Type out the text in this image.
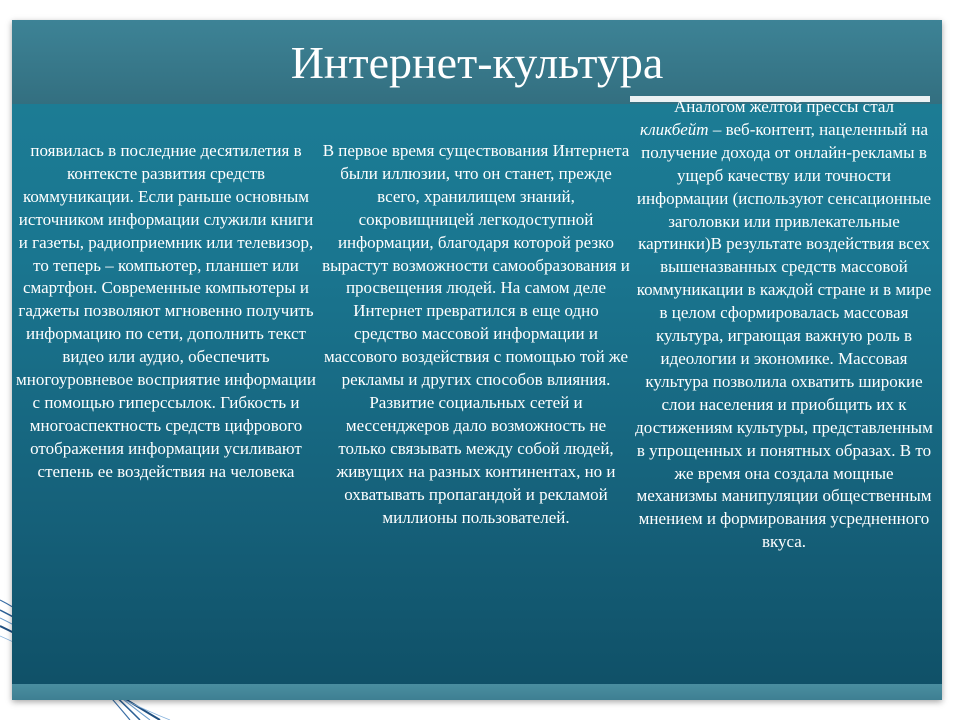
Интернет-культура
появилась в последние десятилетия в контексте развития средств коммуникации. Если раньше основным источником информации служили книги и газеты, радиоприемник или телевизор, то теперь – компьютер, планшет или смартфон. Современные компьютеры и гаджеты позволяют мгновенно получить информацию по сети, дополнить текст видео или аудио, обеспечить многоуровневое восприятие информации с помощью гиперссылок. Гибкость и многоаспектность средств цифрового отображения информации усиливают степень ее воздействия на человека
В первое время существования Интернета были иллюзии, что он станет, прежде всего, хранилищем знаний, сокровищницей легкодоступной информации, благодаря которой резко вырастут возможности самообразования и просвещения людей. На самом деле Интернет превратился в еще одно средство массовой информации и массового воздействия с помощью той же рекламы и других способов влияния. Развитие социальных сетей и мессенджеров дало возможность не только связывать между собой людей, живущих на разных континентах, но и охватывать пропагандой и рекламой миллионы пользователей.
Аналогом желтой прессы стал
кликбейт – веб-контент, нацеленный на получение дохода от онлайн-рекламы в ущерб качеству или точности информации (используют сенсационные заголовки или привлекательные картинки)В результате воздействия всех вышеназванных средств массовой коммуникации в каждой стране и в мире в целом сформировалась массовая культура, играющая важную роль в идеологии и экономике. Массовая культура позволила охватить широкие слои населения и приобщить их к достижениям культуры, представленным в упрощенных и понятных образах. В то же время она создала мощные механизмы манипуляции общественным мнением и формирования усредненного вкуса.
